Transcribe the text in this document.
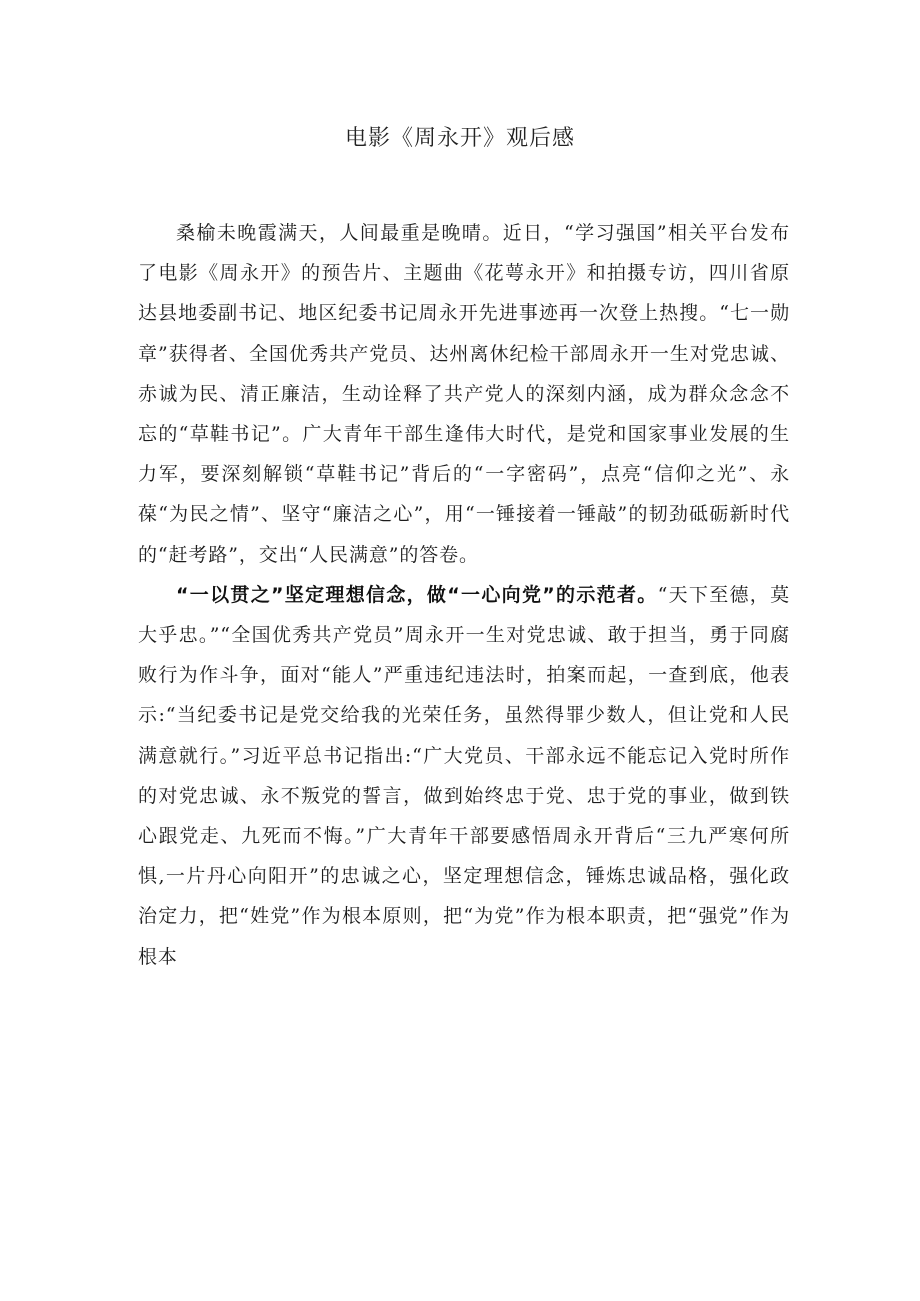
电影《周永开》观后感

桑榆未晚霞满天，人间最重是晚晴。近日，“学习强国”相关平台发布了电影《周永开》的预告片、主题曲《花萼永开》和拍摄专访，四川省原达县地委副书记、地区纪委书记周永开先进事迹再一次登上热搜。“七一勋章”获得者、全国优秀共产党员、达州离休纪检干部周永开一生对党忠诚、赤诚为民、清正廉洁，生动诠释了共产党人的深刻内涵，成为群众念念不忘的“草鞋书记”。广大青年干部生逢伟大时代，是党和国家事业发展的生力军，要深刻解锁“草鞋书记”背后的“一字密码”，点亮“信仰之光”、永葆“为民之情”、坚守“廉洁之心”，用“一锤接着一锤敲”的韧劲砥砺新时代的“赶考路”，交出“人民满意”的答卷。

“一以贯之”坚定理想信念，做“一心向党”的示范者。“天下至德，莫大乎忠。”“全国优秀共产党员”周永开一生对党忠诚、敢于担当，勇于同腐败行为作斗争，面对“能人”严重违纪违法时，拍案而起，一查到底，他表示:“当纪委书记是党交给我的光荣任务，虽然得罪少数人，但让党和人民满意就行。”习近平总书记指出:“广大党员、干部永远不能忘记入党时所作的对党忠诚、永不叛党的誓言，做到始终忠于党、忠于党的事业，做到铁心跟党走、九死而不悔。”广大青年干部要感悟周永开背后“三九严寒何所惧,一片丹心向阳开”的忠诚之心，坚定理想信念，锤炼忠诚品格，强化政治定力，把“姓党”作为根本原则，把“为党”作为根本职责，把“强党”作为根本
